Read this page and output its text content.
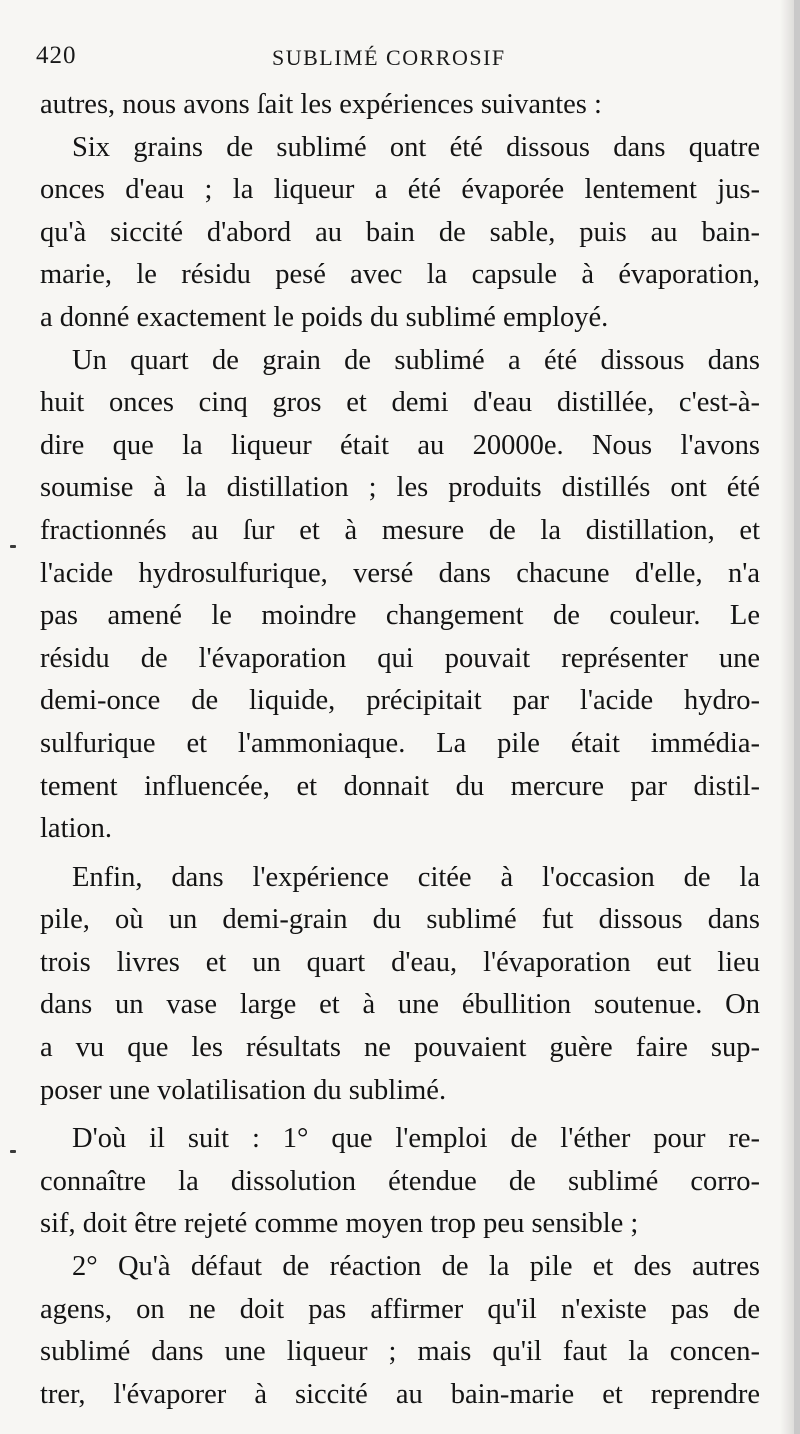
420	SUBLIMÉ CORROSIF

autres, nous avons ſait les expériences suivantes :

Six grains de sublimé ont été dissous dans quatre
onces d'eau ; la liqueur a été évaporée lentement jus-
qu'à siccité d'abord au bain de sable, puis au bain-
marie, le résidu pesé avec la capsule à évaporation,
a donné exactement le poids du sublimé employé.

Un quart de grain de sublimé a été dissous dans
huit onces cinq gros et demi d'eau distillée, c'est-à-
dire que la liqueur était au 20000e. Nous l'avons
soumise à la distillation ; les produits distillés ont été
fractionnés au ſur et à mesure de la distillation, et
l'acide hydrosulfurique, versé dans chacune d'elle, n'a
pas amené le moindre changement de couleur. Le
résidu de l'évaporation qui pouvait représenter une
demi-once de liquide, précipitait par l'acide hydro-
sulfurique et l'ammoniaque. La pile était immédia-
tement influencée, et donnait du mercure par distil-
lation.

Enfin, dans l'expérience citée à l'occasion de la
pile, où un demi-grain du sublimé fut dissous dans
trois livres et un quart d'eau, l'évaporation eut lieu
dans un vase large et à une ébullition soutenue. On
a vu que les résultats ne pouvaient guère faire sup-
poser une volatilisation du sublimé.

D'où il suit : 1° que l'emploi de l'éther pour re-
connaître la dissolution étendue de sublimé corro-
sif, doit être rejeté comme moyen trop peu sensible ;

2° Qu'à défaut de réaction de la pile et des autres
agens, on ne doit pas affirmer qu'il n'existe pas de
sublimé dans une liqueur ; mais qu'il faut la concen-
trer, l'évaporer à siccité au bain-marie et reprendre
